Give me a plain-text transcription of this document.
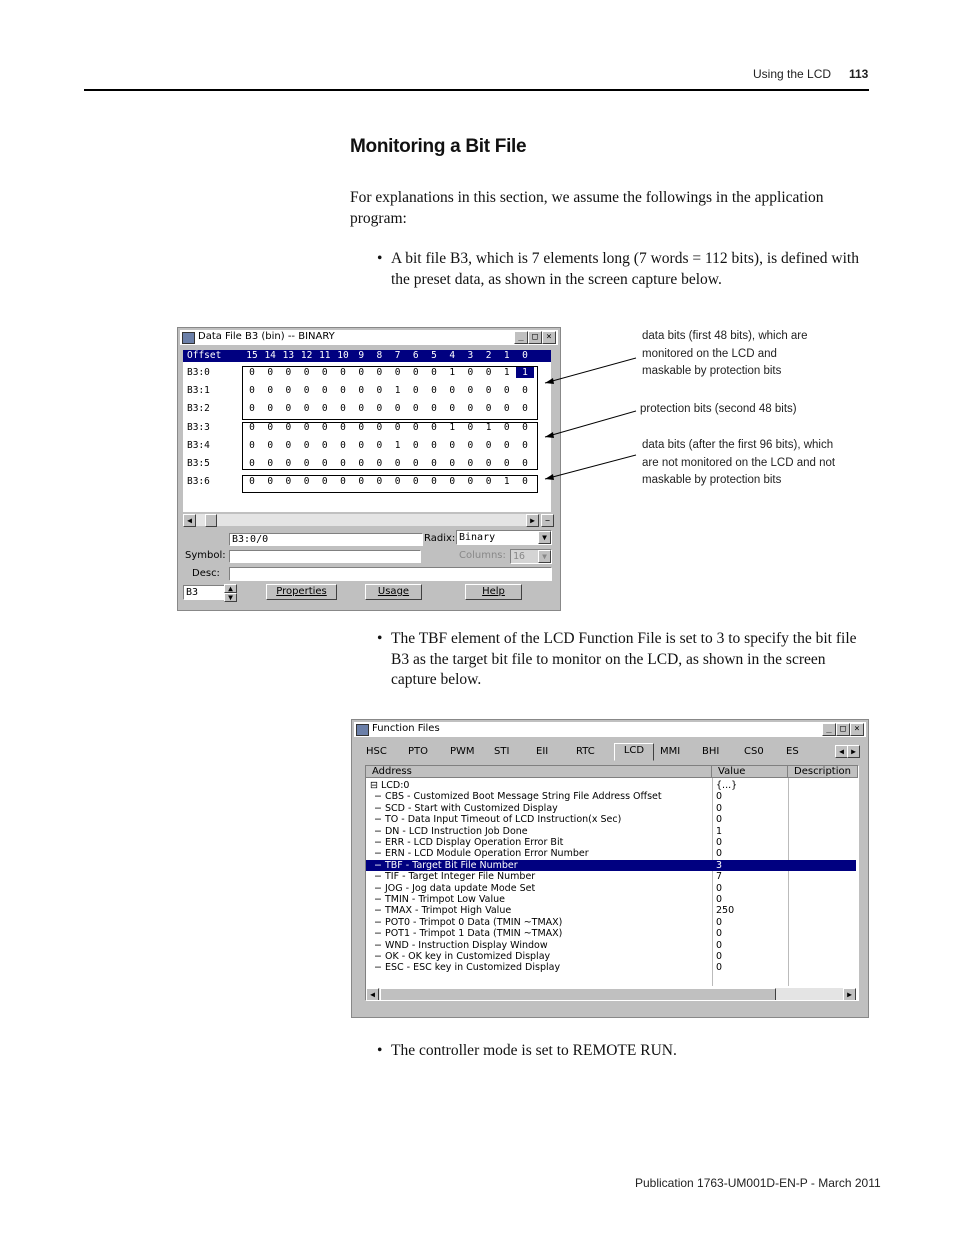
Using the LCD 113
Monitoring a Bit File
For explanations in this section, we assume the followings in the application program:
• A bit file B3, which is 7 elements long (7 words = 112 bits), is defined with the preset data, as shown in the screen capture below.
Data File B3 (bin) -- BINARY	_ □ ×
Offset	15 14 13 12 11 10	9	8	7	6	5	4	3	2	1	0
B3:0	0	0	0	0	0	0	0	0	0	0	0	1	0	0	1	1
B3:1	0	0	0	0	0	0	0	0	1	0	0	0	0	0	0	0
B3:2	0	0	0	0	0	0	0	0	0	0	0	0	0	0	0	0
B3:3	0	0	0	0	0	0	0	0	0	0	0	1	0	1	0	0
B3:4	0	0	0	0	0	0	0	0	1	0	0	0	0	0	0	0
B3:5	0	0	0	0	0	0	0	0	0	0	0	0	0	0	0	0
B3:6	0	0	0	0	0	0	0	0	0	0	0	0	0	0	1	0
◀	▶	−
B3:0/0	Radix: Binary	▼
Symbol:	Columns: 16	▼
Desc:
B3	▲
▼
Properties	Usage	Help
data bits (first 48 bits), which are monitored on the LCD and maskable by protection bits
protection bits (second 48 bits)
data bits (after the first 96 bits), which are not monitored on the LCD and not maskable by protection bits
• The TBF element of the LCD Function File is set to 3 to specify the bit file B3 as the target bit file to monitor on the LCD, as shown in the screen capture below.
Function Files	_ □ ×
HSC PTO PWM STI	EII	RTC	LCD	MMI BHI CS0 ES	◀ ▶
Address	Value	Description
⊟ LCD:0	{...}
− CBS - Customized Boot Message String File Address Offset	0
− SCD - Start with Customized Display	0
− TO - Data Input Timeout of LCD Instruction(x Sec)	0
− DN - LCD Instruction Job Done	1
− ERR - LCD Display Operation Error Bit	0
− ERN - LCD Module Operation Error Number	0
− TBF - Target Bit File Number	3
− TIF - Target Integer File Number	7
− JOG - Jog data update Mode Set	0
− TMIN - Trimpot Low Value	0
− TMAX - Trimpot High Value	250
− POT0 - Trimpot 0 Data (TMIN ~TMAX)	0
− POT1 - Trimpot 1 Data (TMIN ~TMAX)	0
− WND - Instruction Display Window	0
− OK - OK key in Customized Display	0
− ESC - ESC key in Customized Display	0
◀	▶
• The controller mode is set to REMOTE RUN.
Publication 1763-UM001D-EN-P - March 2011
